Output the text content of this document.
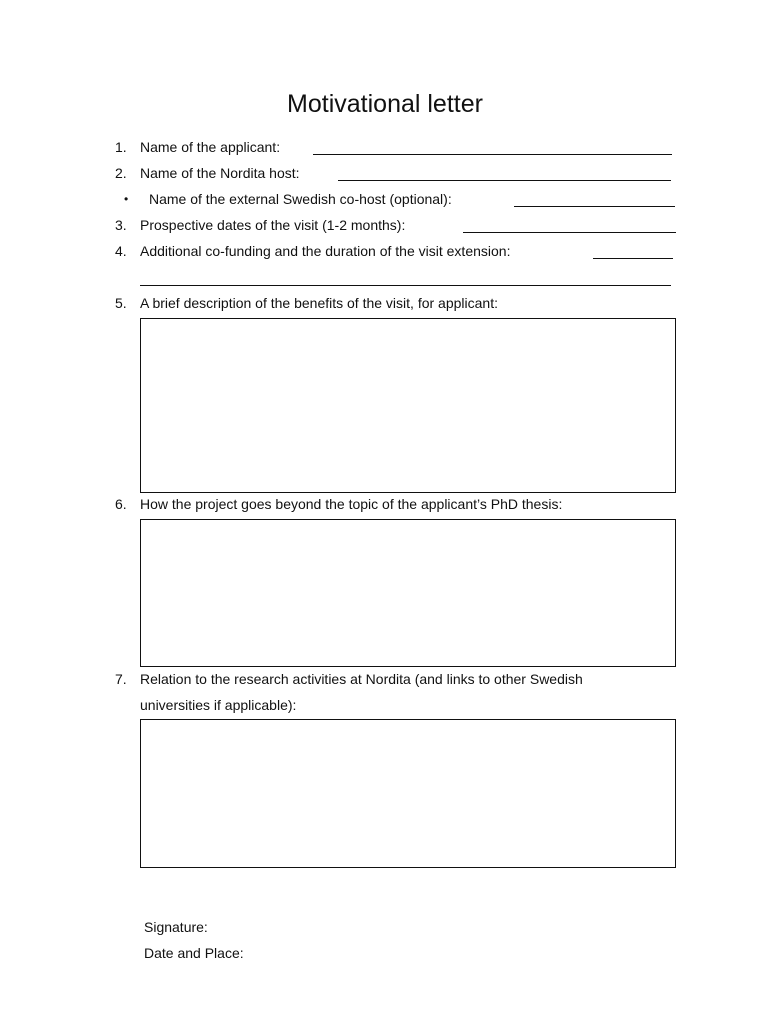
Motivational letter
1. Name of the applicant:
2. Name of the Nordita host:
• Name of the external Swedish co-host (optional):
3. Prospective dates of the visit (1-2 months):
4. Additional co-funding and the duration of the visit extension:
5. A brief description of the benefits of the visit, for applicant:
6. How the project goes beyond the topic of the applicant’s PhD thesis:
7. Relation to the research activities at Nordita (and links to other Swedish
universities if applicable):
Signature:
Date and Place:
